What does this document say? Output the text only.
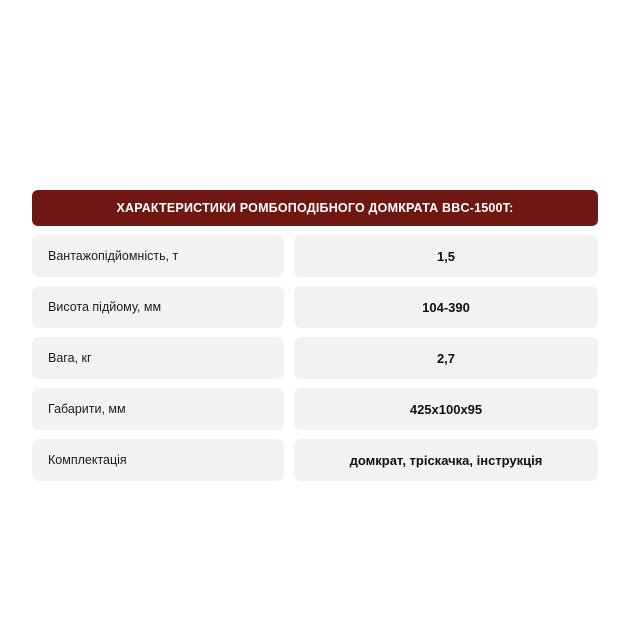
ХАРАКТЕРИСТИКИ РОМБОПОДІБНОГО ДОМКРАТА BBC-1500T:
Вантажопідйомність, т	1,5
Висота підйому, мм	104-390
Вага, кг	2,7
Габарити, мм	425x100x95
Комплектація	домкрат, тріскачка, інструкція
